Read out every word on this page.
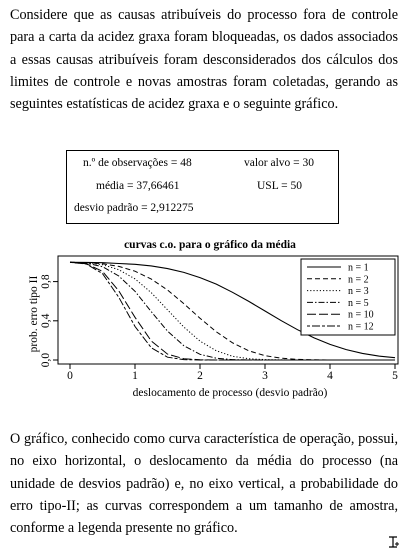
Considere que as causas atribuíveis do processo fora de controle para a carta da acidez graxa foram bloqueadas, os dados associados a essas causas atribuíveis foram desconsiderados dos cálculos dos limites de controle e novas amostras foram coletadas, gerando as seguintes estatísticas de acidez graxa e o seguinte gráfico.

n.º de observações = 48	valor alvo = 30
média = 37,66461	USL = 50
desvio padrão = 2,912275
curvas c.o. para o gráfico da média
0,0
0,4
0,8
0	1	2	3	4	5
n = 1
n = 2
n = 3
n = 5
n = 10
n = 12
deslocamento de processo (desvio padrão)
prob. erro tipo II

O gráfico, conhecido como curva característica de operação, possui, no eixo horizontal, o deslocamento da média do processo (na unidade de desvios padrão) e, no eixo vertical, a probabilidade do erro tipo-II; as curvas correspondem a um tamanho de amostra, conforme a legenda presente no gráfico.
